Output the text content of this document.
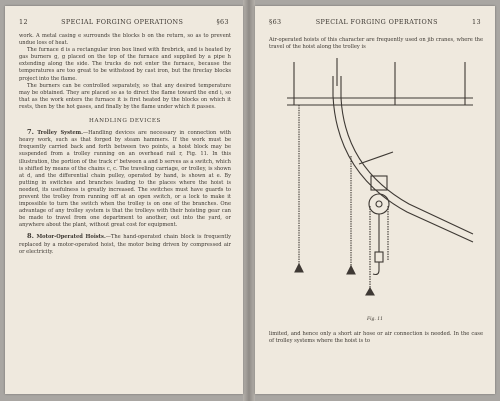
12	SPECIAL FORGING OPERATIONS	§63

work. A metal casing e surrounds the blocks b on the return, so as to prevent undue loss of heat.

The furnace d is a rectangular iron box lined with firebrick, and is heated by gas burners g, g placed on the top of the furnace and supplied by a pipe h extending along the side. The trucks do not enter the furnace, because the temperatures are too great to be withstood by cast iron, but the fireclay blocks project into the flame.

The burners can be controlled separately, so that any desired temperature may be obtained. They are placed so as to direct the flame toward the end i, so that as the work enters the furnace it is first heated by the blocks on which it rests, then by the hot gases, and finally by the flame under which it passes.

HANDLING DEVICES

7. Trolley System.—Handling devices are necessary in connection with heavy work, such as that forged by steam hammers. If the work must be frequently carried back and forth between two points, a hoist block may be suspended from a trolley running on an overhead rail r, Fig. 11. In this illustration, the portion of the track r' between a and b serves as a switch, which is shifted by means of the chains c, c. The traveling carriage, or trolley, is shown at d, and the differential chain pulley, operated by hand, is shown at e. By putting in switches and branches leading to the places where the hoist is needed, its usefulness is greatly increased. The switches must have guards to prevent the trolley from running off at an open switch, or a lock to make it impossible to turn the switch when the trolley is on one of the branches. One advantage of any trolley system is that the trolleys with their hoisting gear can be made to travel from one department to another, out into the yard, or anywhere about the plant, without great cost for equipment.

8. Motor-Operated Hoists.—The hand-operated chain block is frequently replaced by a motor-operated hoist, the motor being driven by compressed air or electricity.

§63	SPECIAL FORGING OPERATIONS	13

Air-operated hoists of this character are frequently used on jib cranes, where the travel of the hoist along the trolley is

Fig. 11

limited, and hence only a short air hose or air connection is needed. In the case of trolley systems where the hoist is to
